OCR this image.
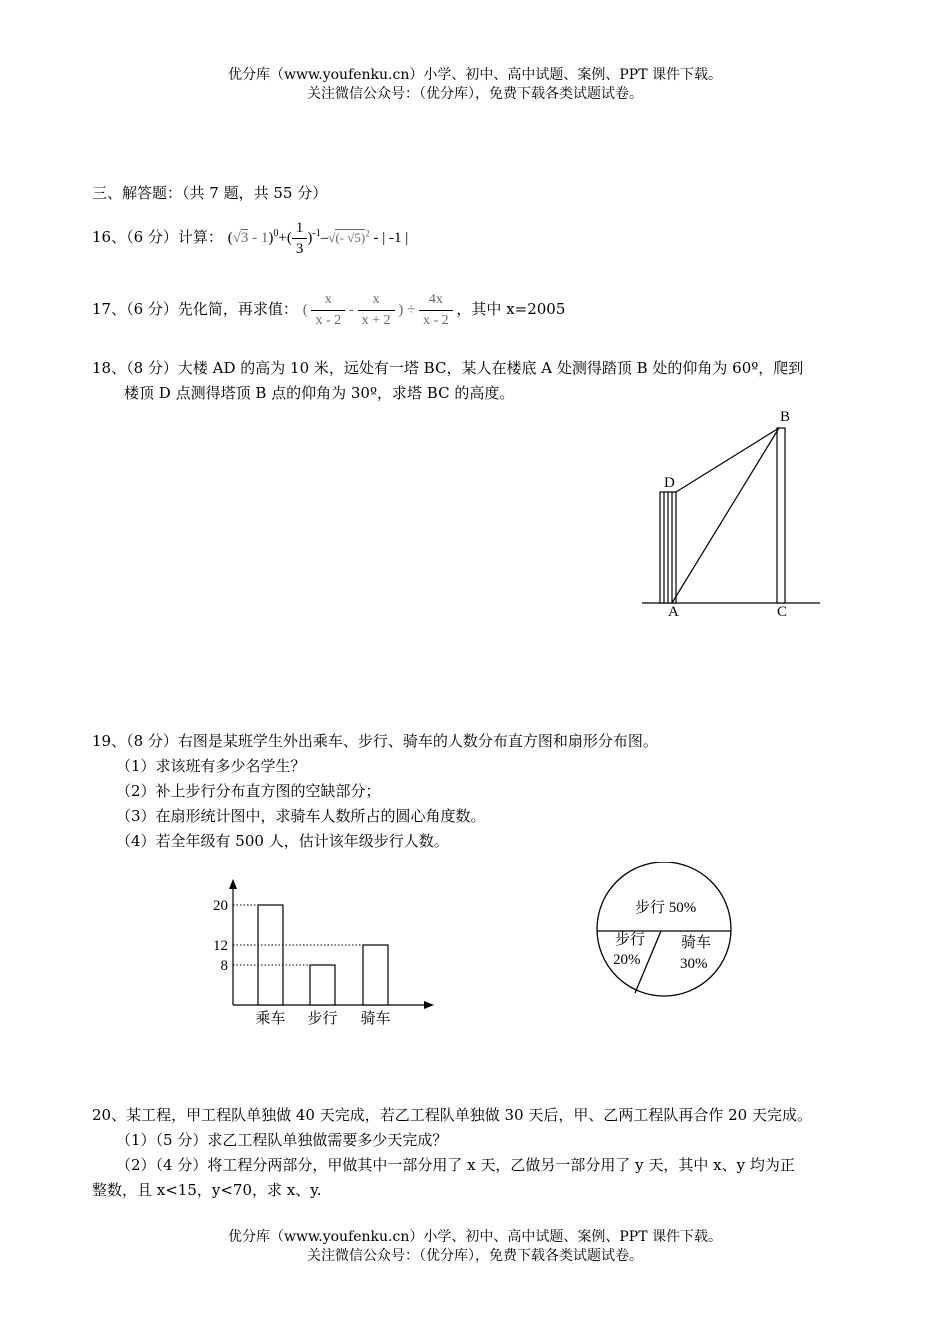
优分库（www.youfenku.cn）小学、初中、高中试题、案例、PPT 课件下载。
关注微信公众号：（优分库），免费下载各类试题试卷。
三、解答题：（共 7 题，共 55 分）
16、（6 分）计算： $(√3 - 1)^0+( \frac{1}{3} )^{-1}-√(-$ √5)$^2$ - | -1 |
17、（6 分）先化简，再求值： ( $\frac{x}{x - 2} - \frac{x}{x + 2}$ ) ÷ $\frac{4x}{x - 2}$ ，其中 x=2005
18、（8 分）大楼 AD 的高为 10 米，远处有一塔 BC，某人在楼底 A 处测得踏顶 B 处的仰角为 60º，爬到
楼顶 D 点测得塔顶 B 点的仰角为 30º，求塔 BC 的高度。
B
D
A	C
19、（8 分）右图是某班学生外出乘车、步行、骑车的人数分布直方图和扇形分布图。
（1）求该班有多少名学生？
（2）补上步行分布直方图的空缺部分；
（3）在扇形统计图中，求骑车人数所占的圆心角度数。
（4）若全年级有 500 人，估计该年级步行人数。
20
12
8
乘车 步行 骑车
步行 50%
步行
20%
骑车
30%
20、某工程，甲工程队单独做 40 天完成，若乙工程队单独做 30 天后，甲、乙两工程队再合作 20 天完成。
（1）（5 分）求乙工程队单独做需要多少天完成？
（2）（4 分）将工程分两部分，甲做其中一部分用了 x 天，乙做另一部分用了 y 天，其中 x、y 均为正
整数，且 x<15，y<70，求 x、y.
优分库（www.youfenku.cn）小学、初中、高中试题、案例、PPT 课件下载。
关注微信公众号：（优分库），免费下载各类试题试卷。
